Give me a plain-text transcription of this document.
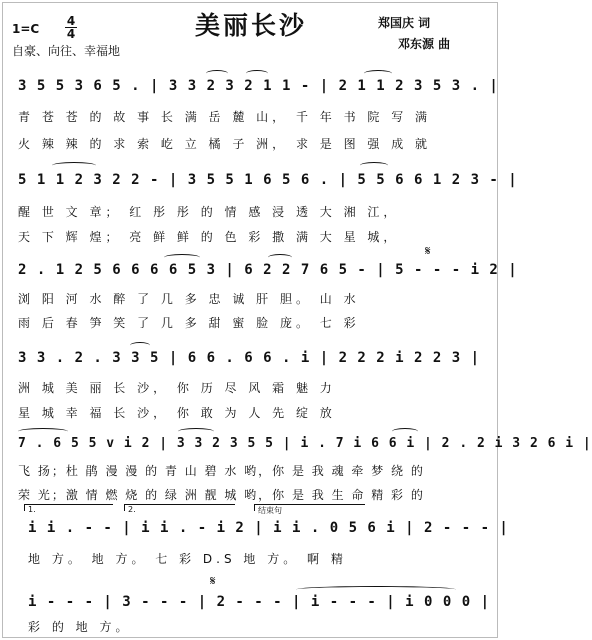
美丽长沙
1=C
4
4
自豪、向往、幸福地
郑国庆 词
邓东源 曲
3 5 5 3 6 5 . | 3 3 2 3 2 1 1 - | 2 1 1 2 3 5 3 . |
青 苍 苍 的 故 事 长 满 岳 麓 山， 千 年 书 院 写 满
火 辣 辣 的 求 索 屹 立 橘 子 洲， 求 是 图 强 成 就
5 1 1 2 3 2 2 - | 3 5 5 1 6 5 6 . | 5 5 6 6 1 2 3 - |
醒 世 文 章； 红 彤 彤 的 情 感 浸 透 大 湘 江，
天 下 辉 煌； 亮 鲜 鲜 的 色 彩 撒 满 大 星 城，
𝄋
2 . 1 2 5 6 6 6 6 5 3 | 6 2 2 7 6 5 - | 5 - - - i 2 |
浏 阳 河 水 醉 了 几 多 忠 诚 肝 胆。 山 水
雨 后 春 笋 笑 了 几 多 甜 蜜 脸 庞。 七 彩
3 3 . 2 . 3 3 5 | 6 6 . 6 6 . i | 2 2 2 i 2 2 3 |
洲 城 美 丽 长 沙， 你 历 尽 风 霜 魅 力
星 城 幸 福 长 沙， 你 敢 为 人 先 绽 放
7 . 6 5 5 v i 2 | 3 3 2 3 5 5 | i . 7 i 6 6 i | 2 . 2 i 3 2 6 i |
飞 扬；杜 鹃 漫 漫 的 青 山 碧 水 哟，你 是 我 魂 牵 梦 绕 的
荣 光；激 情 燃 烧 的 绿 洲 靓 城 哟，你 是 我 生 命 精 彩 的
1.	2.	结束句
i i . - - | i i . - i 2 | i i . 0 5 6 i | 2 - - - |
地 方。 地 方。 七 彩 D.S 地 方。 啊 精
𝄋
i - - - | 3 - - - | 2 - - - | i - - - | i 0 0 0 |
彩 的 地 方。
